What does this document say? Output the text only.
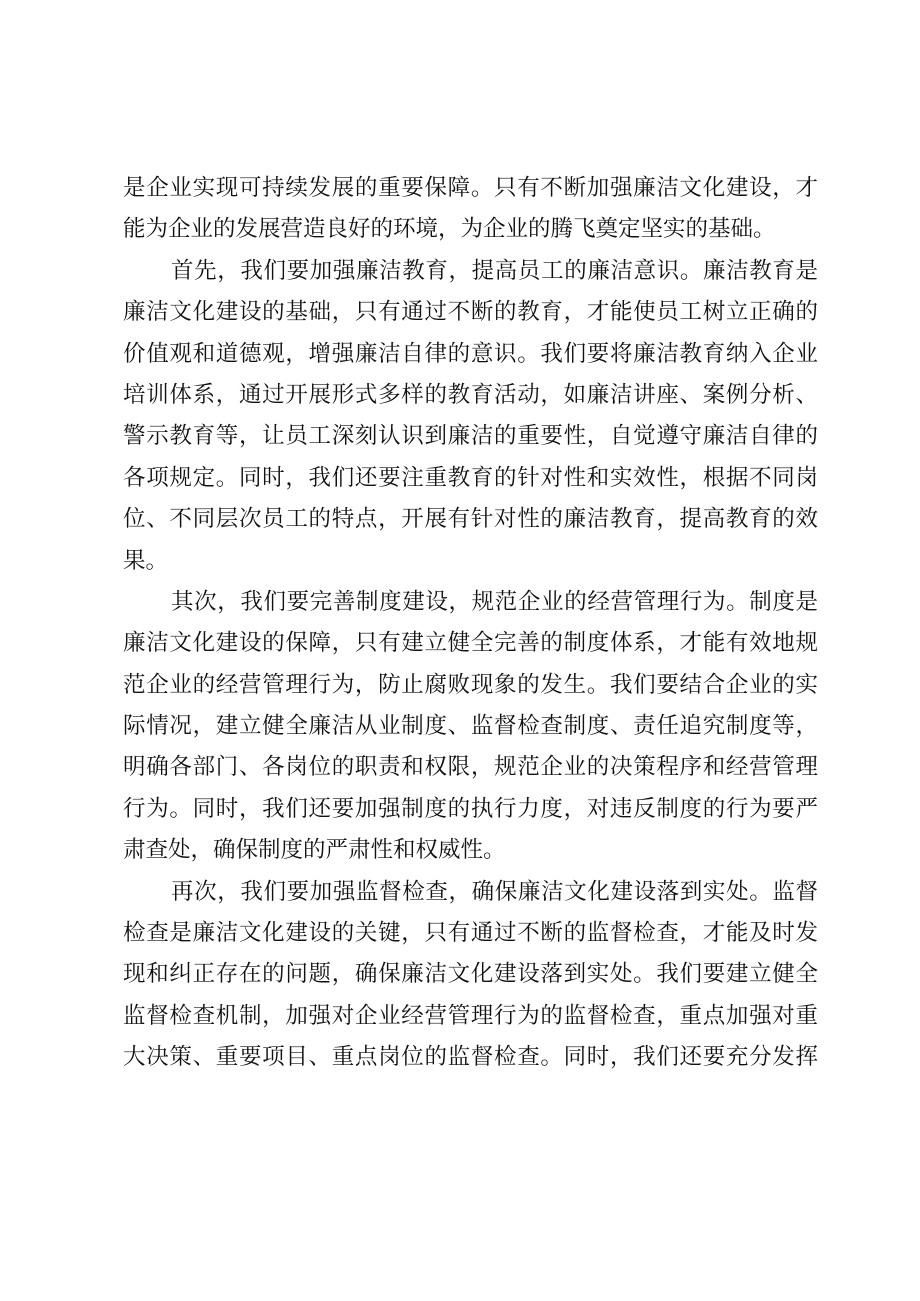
是企业实现可持续发展的重要保障。只有不断加强廉洁文化建设，才
能为企业的发展营造良好的环境，为企业的腾飞奠定坚实的基础。
首先，我们要加强廉洁教育，提高员工的廉洁意识。廉洁教育是
廉洁文化建设的基础，只有通过不断的教育，才能使员工树立正确的
价值观和道德观，增强廉洁自律的意识。我们要将廉洁教育纳入企业
培训体系，通过开展形式多样的教育活动，如廉洁讲座、案例分析、
警示教育等，让员工深刻认识到廉洁的重要性，自觉遵守廉洁自律的
各项规定。同时，我们还要注重教育的针对性和实效性，根据不同岗
位、不同层次员工的特点，开展有针对性的廉洁教育，提高教育的效
果。
其次，我们要完善制度建设，规范企业的经营管理行为。制度是
廉洁文化建设的保障，只有建立健全完善的制度体系，才能有效地规
范企业的经营管理行为，防止腐败现象的发生。我们要结合企业的实
际情况，建立健全廉洁从业制度、监督检查制度、责任追究制度等，
明确各部门、各岗位的职责和权限，规范企业的决策程序和经营管理
行为。同时，我们还要加强制度的执行力度，对违反制度的行为要严
肃查处，确保制度的严肃性和权威性。
再次，我们要加强监督检查，确保廉洁文化建设落到实处。监督
检查是廉洁文化建设的关键，只有通过不断的监督检查，才能及时发
现和纠正存在的问题，确保廉洁文化建设落到实处。我们要建立健全
监督检查机制，加强对企业经营管理行为的监督检查，重点加强对重
大决策、重要项目、重点岗位的监督检查。同时，我们还要充分发挥
